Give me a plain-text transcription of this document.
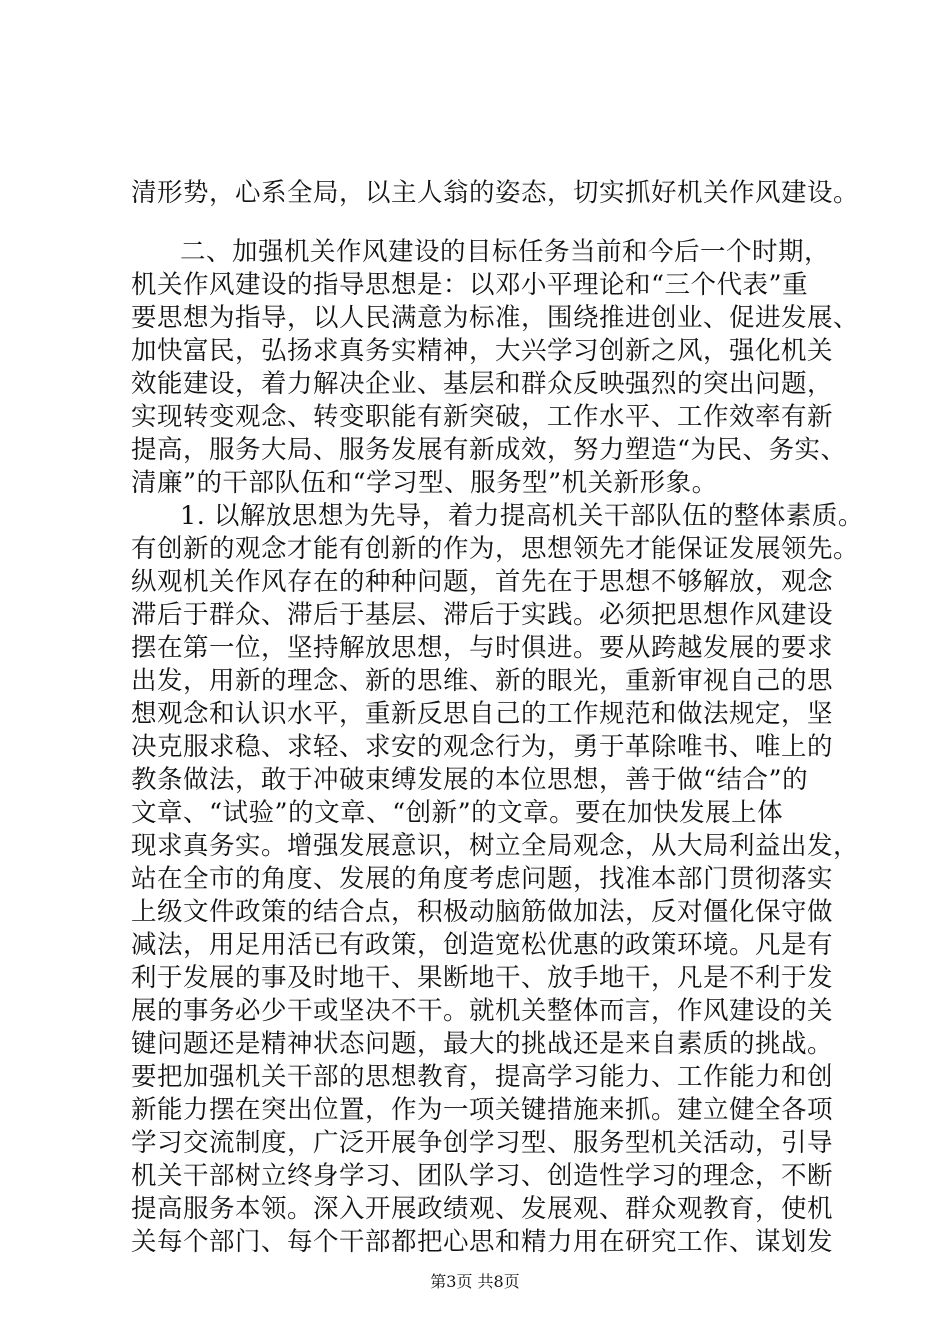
清形势，心系全局，以主人翁的姿态，切实抓好机关作风建设。
二、加强机关作风建设的目标任务当前和今后一个时期，
机关作风建设的指导思想是：以邓小平理论和“三个代表”重
要思想为指导，以人民满意为标准，围绕推进创业、促进发展、
加快富民，弘扬求真务实精神，大兴学习创新之风，强化机关
效能建设，着力解决企业、基层和群众反映强烈的突出问题，
实现转变观念、转变职能有新突破，工作水平、工作效率有新
提高，服务大局、服务发展有新成效，努力塑造“为民、务实、
清廉”的干部队伍和“学习型、服务型”机关新形象。
1. 以解放思想为先导，着力提高机关干部队伍的整体素质。
有创新的观念才能有创新的作为，思想领先才能保证发展领先。
纵观机关作风存在的种种问题，首先在于思想不够解放，观念
滞后于群众、滞后于基层、滞后于实践。必须把思想作风建设
摆在第一位，坚持解放思想，与时俱进。要从跨越发展的要求
出发，用新的理念、新的思维、新的眼光，重新审视自己的思
想观念和认识水平，重新反思自己的工作规范和做法规定，坚
决克服求稳、求轻、求安的观念行为，勇于革除唯书、唯上的
教条做法，敢于冲破束缚发展的本位思想，善于做“结合”的
文章、“试验”的文章、“创新”的文章。要在加快发展上体
现求真务实。增强发展意识，树立全局观念，从大局利益出发，
站在全市的角度、发展的角度考虑问题，找准本部门贯彻落实
上级文件政策的结合点，积极动脑筋做加法，反对僵化保守做
减法，用足用活已有政策，创造宽松优惠的政策环境。凡是有
利于发展的事及时地干、果断地干、放手地干，凡是不利于发
展的事务必少干或坚决不干。就机关整体而言，作风建设的关
键问题还是精神状态问题，最大的挑战还是来自素质的挑战。
要把加强机关干部的思想教育，提高学习能力、工作能力和创
新能力摆在突出位置，作为一项关键措施来抓。建立健全各项
学习交流制度，广泛开展争创学习型、服务型机关活动，引导
机关干部树立终身学习、团队学习、创造性学习的理念，不断
提高服务本领。深入开展政绩观、发展观、群众观教育，使机
关每个部门、每个干部都把心思和精力用在研究工作、谋划发
第3页 共8页
